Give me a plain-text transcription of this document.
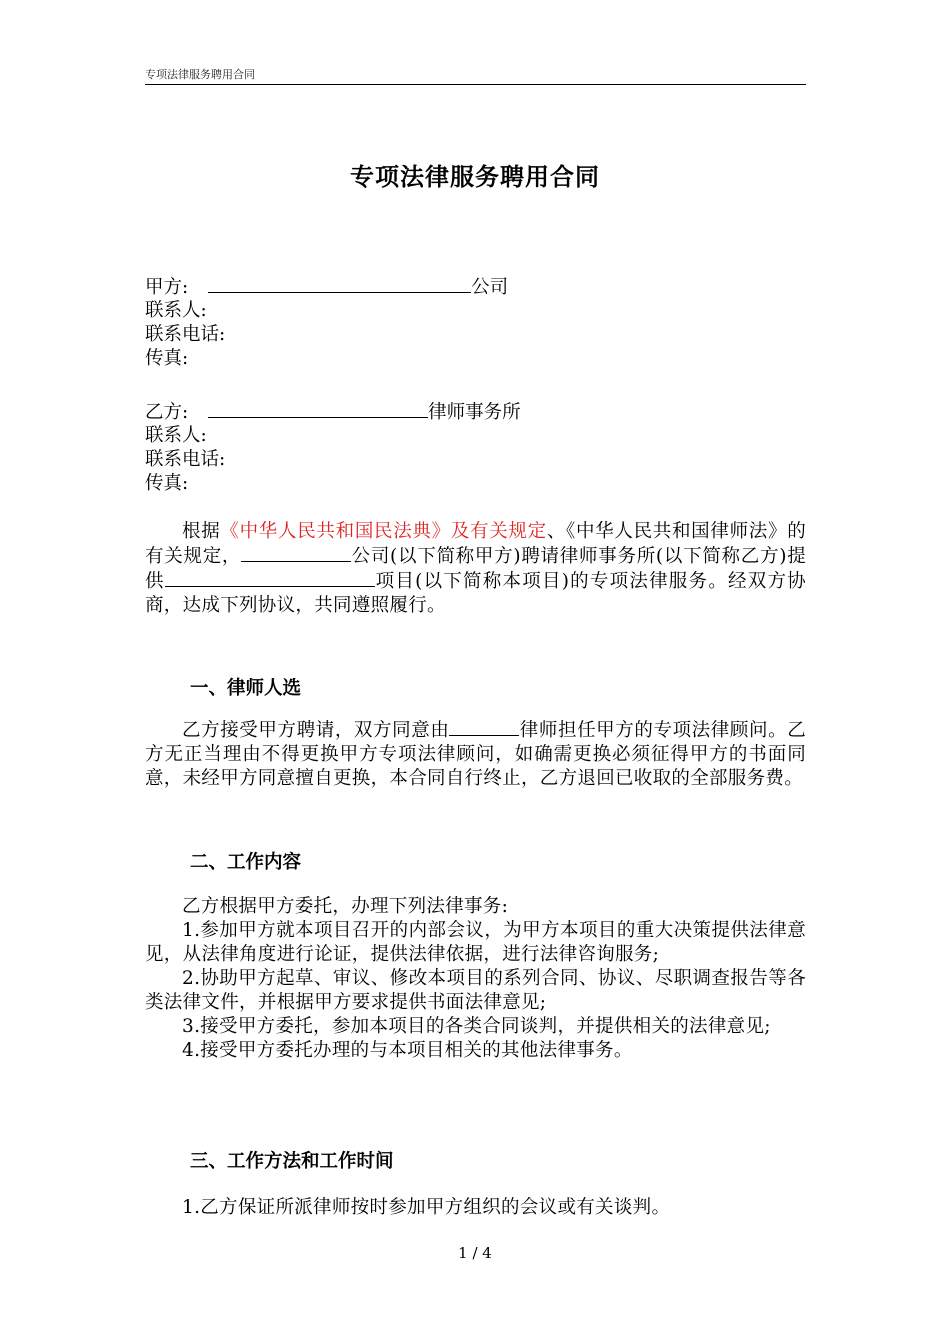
专项法律服务聘用合同
专项法律服务聘用合同
甲方:	公司
联系人:
联系电话:
传真:
乙方:	律师事务所
联系人:
联系电话:
传真:
根据《中华人民共和国民法典》及有关规定、《中华人民共和国律师法》的有关规定，	公司(以下简称甲方)聘请律师事务所(以下简称乙方)提供	项目(以下简称本项目)的专项法律服务。经双方协商，达成下列协议，共同遵照履行。
一、律师人选
乙方接受甲方聘请，双方同意由	律师担任甲方的专项法律顾问。乙方无正当理由不得更换甲方专项法律顾问，如确需更换必须征得甲方的书面同意，未经甲方同意擅自更换，本合同自行终止，乙方退回已收取的全部服务费。
二、工作内容
乙方根据甲方委托，办理下列法律事务:
1.参加甲方就本项目召开的内部会议，为甲方本项目的重大决策提供法律意见，从法律角度进行论证，提供法律依据，进行法律咨询服务;
2.协助甲方起草、审议、修改本项目的系列合同、协议、尽职调查报告等各类法律文件，并根据甲方要求提供书面法律意见;
3.接受甲方委托，参加本项目的各类合同谈判，并提供相关的法律意见;
4.接受甲方委托办理的与本项目相关的其他法律事务。
三、工作方法和工作时间
1.乙方保证所派律师按时参加甲方组织的会议或有关谈判。
1 / 4
